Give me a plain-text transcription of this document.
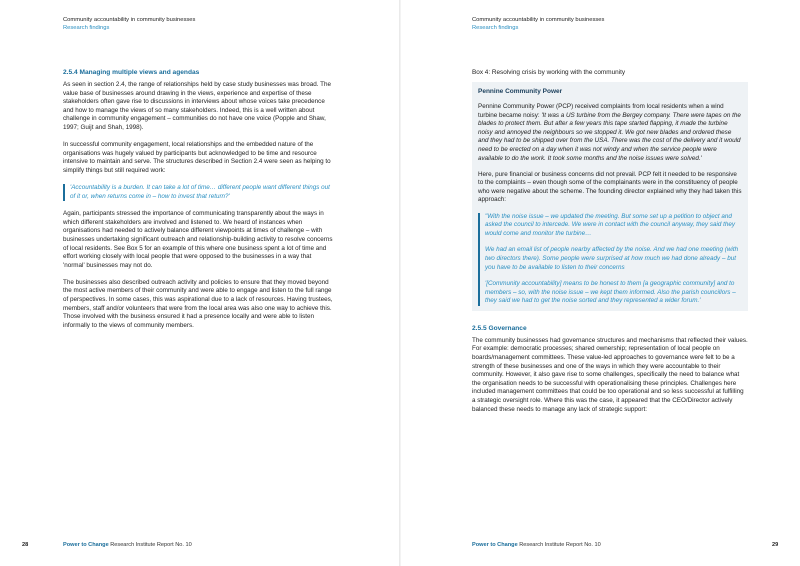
Community accountability in community businesses
Research findings
2.5.4 Managing multiple views and agendas

As seen in section 2.4, the range of relationships held by case study businesses was broad. The value base of businesses around drawing in the views, experience and expertise of these stakeholders often gave rise to discussions in interviews about whose voices take precedence and how to manage the views of so many stakeholders. Indeed, this is a well written about challenge in community engagement – communities do not have one voice (Popple and Shaw, 1997; Guijt and Shah, 1998).

In successful community engagement, local relationships and the embedded nature of the organisations was hugely valued by participants but acknowledged to be time and resource intensive to maintain and serve. The structures described in Section 2.4 were seen as helping to simplify things but still required work:

'Accountability is a burden. It can take a lot of time… different people want different things out of it or, when returns come in – how to invest that return?'

Again, participants stressed the importance of communicating transparently about the ways in which different stakeholders are involved and listened to. We heard of instances when organisations had needed to actively balance different viewpoints at times of challenge – with businesses undertaking significant outreach and relationship-building activity to resolve concerns of local residents. See Box 5 for an example of this where one business spent a lot of time and effort working closely with local people that were opposed to the businesses in a way that 'normal' businesses may not do.

The businesses also described outreach activity and policies to ensure that they moved beyond the most active members of their community and were able to engage and listen to the full range of perspectives. In some cases, this was aspirational due to a lack of resources. Having trustees, members, staff and/or volunteers that were from the local area was also one way to achieve this. Those involved with the business ensured it had a presence locally and were able to listen informally to the views of community members.

28	Power to Change Research Institute Report No. 10
Community accountability in community businesses
Research findings
Box 4: Resolving crisis by working with the community
Pennine Community Power

Pennine Community Power (PCP) received complaints from local residents when a wind turbine became noisy: 'It was a US turbine from the Bergey company. There were tapes on the blades to protect them. But after a few years this tape started flapping, it made the turbine noisy and annoyed the neighbours so we stopped it. We got new blades and ordered these and they had to be shipped over from the USA. There was the cost of the delivery and it would need to be erected on a day when it was not windy and when the service people were available to do the work. It took some months and the noise issues were solved.'

Here, pure financial or business concerns did not prevail. PCP felt it needed to be responsive to the complaints – even though some of the complainants were in the constituency of people who were negative about the scheme. The founding director explained why they had taken this approach:

"With the noise issue – we updated the meeting. But some set up a petition to object and asked the council to intercede. We were in contact with the council anyway, they said they would come and monitor the turbine…

We had an email list of people nearby affected by the noise. And we had one meeting (with two directors there). Some people were surprised at how much we had done already – but you have to be available to listen to their concerns

'[Community accountability] means to be honest to them [a geographic community] and to members – so, with the noise issue – we kept them informed. Also the parish councillors – they said we had to get the noise sorted and they represented a wider forum.'

2.5.5 Governance

The community businesses had governance structures and mechanisms that reflected their values. For example: democratic processes; shared ownership; representation of local people on boards/management committees. These value-led approaches to governance were felt to be a strength of these businesses and one of the ways in which they were accountable to their community. However, it also gave rise to some challenges, specifically the need to balance what the organisation needs to be successful with operationalising these principles. Challenges here included management committees that could be too operational and so less successful at fulfilling a strategic oversight role. Where this was the case, it appeared that the CEO/Director actively balanced these needs to manage any lack of strategic support:

Power to Change Research Institute Report No. 10	29
